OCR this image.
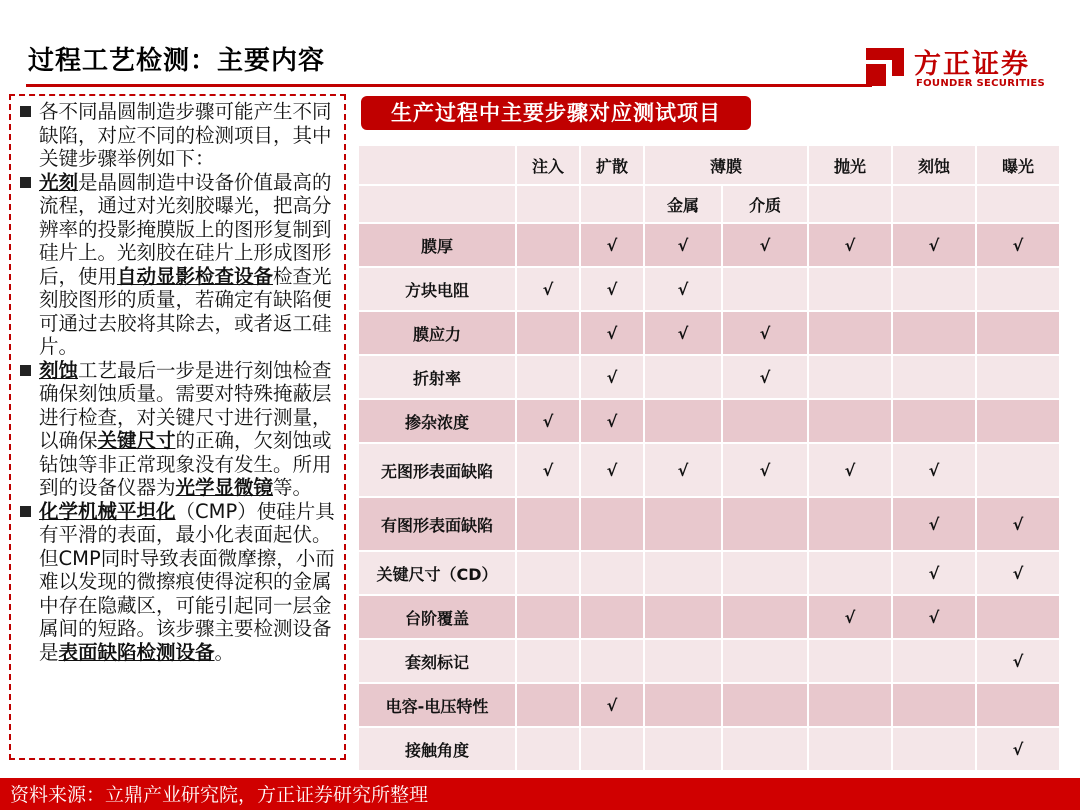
过程工艺检测：主要内容	方正证券
FOUNDER SECURITIES

各不同晶圆制造步骤可能产生不同缺陷，对应不同的检测项目，其中关键步骤举例如下：

光刻是晶圆制造中设备价值最高的流程，通过对光刻胶曝光，把高分辨率的投影掩膜版上的图形复制到硅片上。光刻胶在硅片上形成图形后，使用自动显影检查设备检查光刻胶图形的质量，若确定有缺陷便可通过去胶将其除去，或者返工硅片。

刻蚀工艺最后一步是进行刻蚀检查确保刻蚀质量。需要对特殊掩蔽层进行检查，对关键尺寸进行测量，以确保关键尺寸的正确，欠刻蚀或钻蚀等非正常现象没有发生。所用到的设备仪器为光学显微镜等。

化学机械平坦化（CMP）使硅片具有平滑的表面，最小化表面起伏。但CMP同时导致表面微摩擦，小而难以发现的微擦痕使得淀积的金属中存在隐藏区，可能引起同一层金属间的短路。该步骤主要检测设备是表面缺陷检测设备。

生产过程中主要步骤对应测试项目
	注入	扩散	薄膜		抛光	刻蚀	曝光
			金属	介质			
膜厚		√	√	√	√	√	√
方块电阻	√	√	√				
膜应力		√	√	√			
折射率		√		√			
掺杂浓度	√	√					
无图形表面缺陷	√	√	√	√	√	√	
有图形表面缺陷						√	√
关键尺寸（CD）						√	√
台阶覆盖					√	√	
套刻标记							√
电容-电压特性		√					
接触角度							√
资料来源：立鼎产业研究院，方正证券研究所整理
